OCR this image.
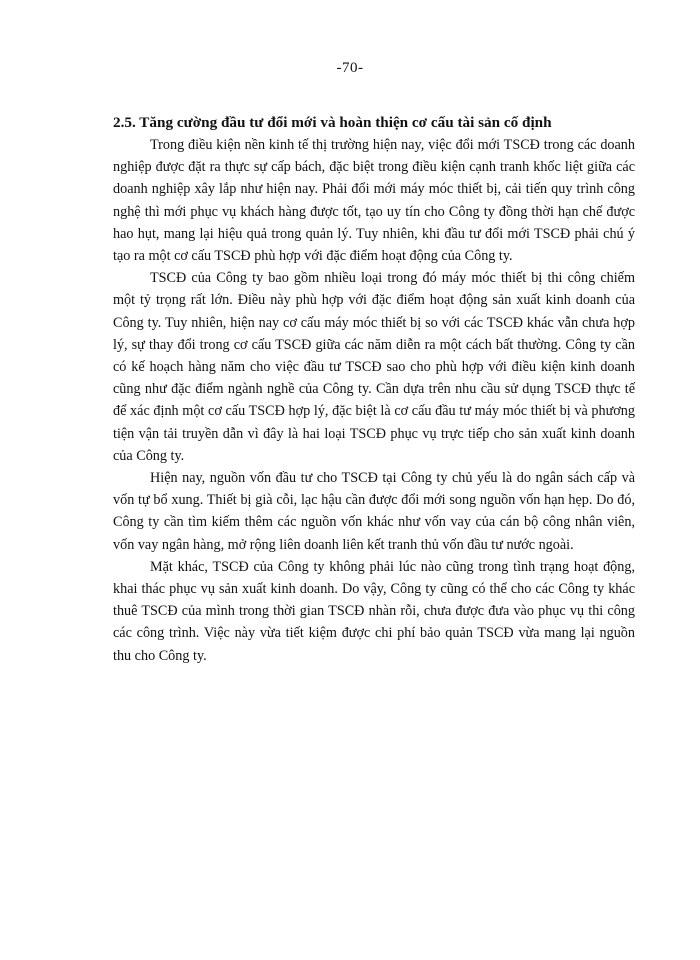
-70-
2.5. Tăng cường đầu tư đổi mới và hoàn thiện cơ cấu tài sản cố định

Trong điều kiện nền kinh tế thị trường hiện nay, việc đổi mới TSCĐ trong các doanh nghiệp được đặt ra thực sự cấp bách, đặc biệt trong điều kiện cạnh tranh khốc liệt giữa các doanh nghiệp xây lắp như hiện nay. Phải đổi mới máy móc thiết bị, cải tiến quy trình công nghệ thì mới phục vụ khách hàng được tốt, tạo uy tín cho Công ty đồng thời hạn chế được hao hụt, mang lại hiệu quả trong quản lý. Tuy nhiên, khi đầu tư đổi mới TSCĐ phải chú ý tạo ra một cơ cấu TSCĐ phù hợp với đặc điểm hoạt động của Công ty.

TSCĐ của Công ty bao gồm nhiều loại trong đó máy móc thiết bị thi công chiếm một tỷ trọng rất lớn. Điều này phù hợp với đặc điểm hoạt động sản xuất kinh doanh của Công ty. Tuy nhiên, hiện nay cơ cấu máy móc thiết bị so với các TSCĐ khác vẫn chưa hợp lý, sự thay đổi trong cơ cấu TSCĐ giữa các năm diễn ra một cách bất thường. Công ty cần có kế hoạch hàng năm cho việc đầu tư TSCĐ sao cho phù hợp với điều kiện kinh doanh cũng như đặc điểm ngành nghề của Công ty. Cần dựa trên nhu cầu sử dụng TSCĐ thực tế để xác định một cơ cấu TSCĐ hợp lý, đặc biệt là cơ cấu đầu tư máy móc thiết bị và phương tiện vận tải truyền dẫn vì đây là hai loại TSCĐ phục vụ trực tiếp cho sản xuất kinh doanh của Công ty.

Hiện nay, nguồn vốn đầu tư cho TSCĐ tại Công ty chủ yếu là do ngân sách cấp và vốn tự bổ xung. Thiết bị già cỗi, lạc hậu cần được đổi mới song nguồn vốn hạn hẹp. Do đó, Công ty cần tìm kiếm thêm các nguồn vốn khác như vốn vay của cán bộ công nhân viên, vốn vay ngân hàng, mở rộng liên doanh liên kết tranh thủ vốn đầu tư nước ngoài.

Mặt khác, TSCĐ của Công ty không phải lúc nào cũng trong tình trạng hoạt động, khai thác phục vụ sản xuất kinh doanh. Do vậy, Công ty cũng có thể cho các Công ty khác thuê TSCĐ của mình trong thời gian TSCĐ nhàn rỗi, chưa được đưa vào phục vụ thi công các công trình. Việc này vừa tiết kiệm được chi phí bảo quản TSCĐ vừa mang lại nguồn thu cho Công ty.
